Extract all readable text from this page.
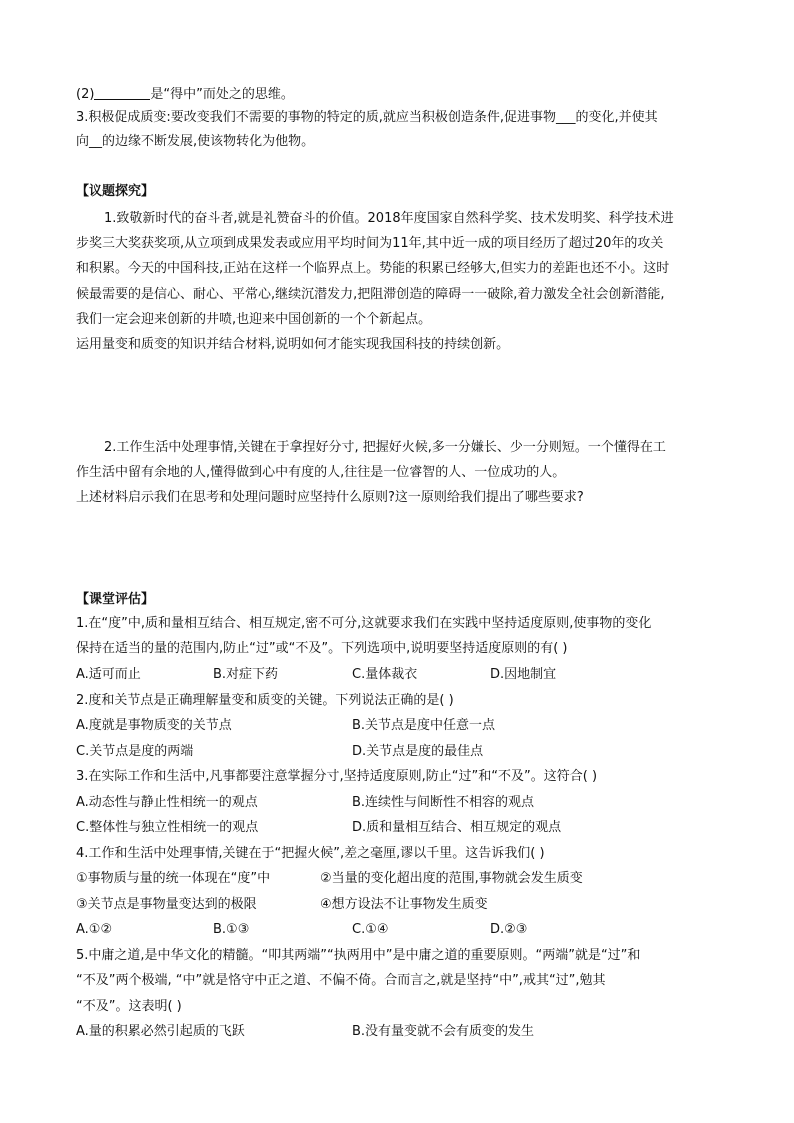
(2)	是“得中”而处之的思维。
3.积极促成质变:要改变我们不需要的事物的特定的质,就应当积极创造条件,促进事物___的变化,并使其
向__的边缘不断发展,使该物转化为他物。
【议题探究】
1.致敬新时代的奋斗者,就是礼赞奋斗的价值。2018年度国家自然科学奖、技术发明奖、科学技术进
步奖三大奖获奖项,从立项到成果发表或应用平均时间为11年,其中近一成的项目经历了超过20年的攻关
和积累。今天的中国科技,正站在这样一个临界点上。势能的积累已经够大,但实力的差距也还不小。这时
候最需要的是信心、耐心、平常心,继续沉潜发力,把阻滞创造的障碍一一破除,着力激发全社会创新潜能,
我们一定会迎来创新的井喷,也迎来中国创新的一个个新起点。
运用量变和质变的知识并结合材料,说明如何才能实现我国科技的持续创新。
2.工作生活中处理事情,关键在于拿捏好分寸, 把握好火候,多一分嫌长、少一分则短。一个懂得在工
作生活中留有余地的人,懂得做到心中有度的人,往往是一位睿智的人、一位成功的人。
上述材料启示我们在思考和处理问题时应坚持什么原则?这一原则给我们提出了哪些要求?
【课堂评估】
1.在“度”中,质和量相互结合、相互规定,密不可分,这就要求我们在实践中坚持适度原则,使事物的变化
保持在适当的量的范围内,防止“过”或“不及”。下列选项中,说明要坚持适度原则的有( )
A.适可而止	B.对症下药	C.量体裁衣	D.因地制宜
2.度和关节点是正确理解量变和质变的关键。下列说法正确的是( )
A.度就是事物质变的关节点	B.关节点是度中任意一点
C.关节点是度的两端	D.关节点是度的最佳点
3.在实际工作和生活中,凡事都要注意掌握分寸,坚持适度原则,防止“过”和“不及”。这符合( )
A.动态性与静止性相统一的观点	B.连续性与间断性不相容的观点
C.整体性与独立性相统一的观点	D.质和量相互结合、相互规定的观点
4.工作和生活中处理事情,关键在于“把握火候”,差之毫厘,谬以千里。这告诉我们( )
①事物质与量的统一体现在“度”中	②当量的变化超出度的范围,事物就会发生质变
③关节点是事物量变达到的极限	④想方设法不让事物发生质变
A.①②	B.①③	C.①④	D.②③
5.中庸之道,是中华文化的精髓。“叩其两端”“执两用中”是中庸之道的重要原则。“两端”就是“过”和
“不及”两个极端, “中”就是恪守中正之道、不偏不倚。合而言之,就是坚持“中”,戒其“过”,勉其
“不及”。这表明( )
A.量的积累必然引起质的飞跃	B.没有量变就不会有质变的发生
